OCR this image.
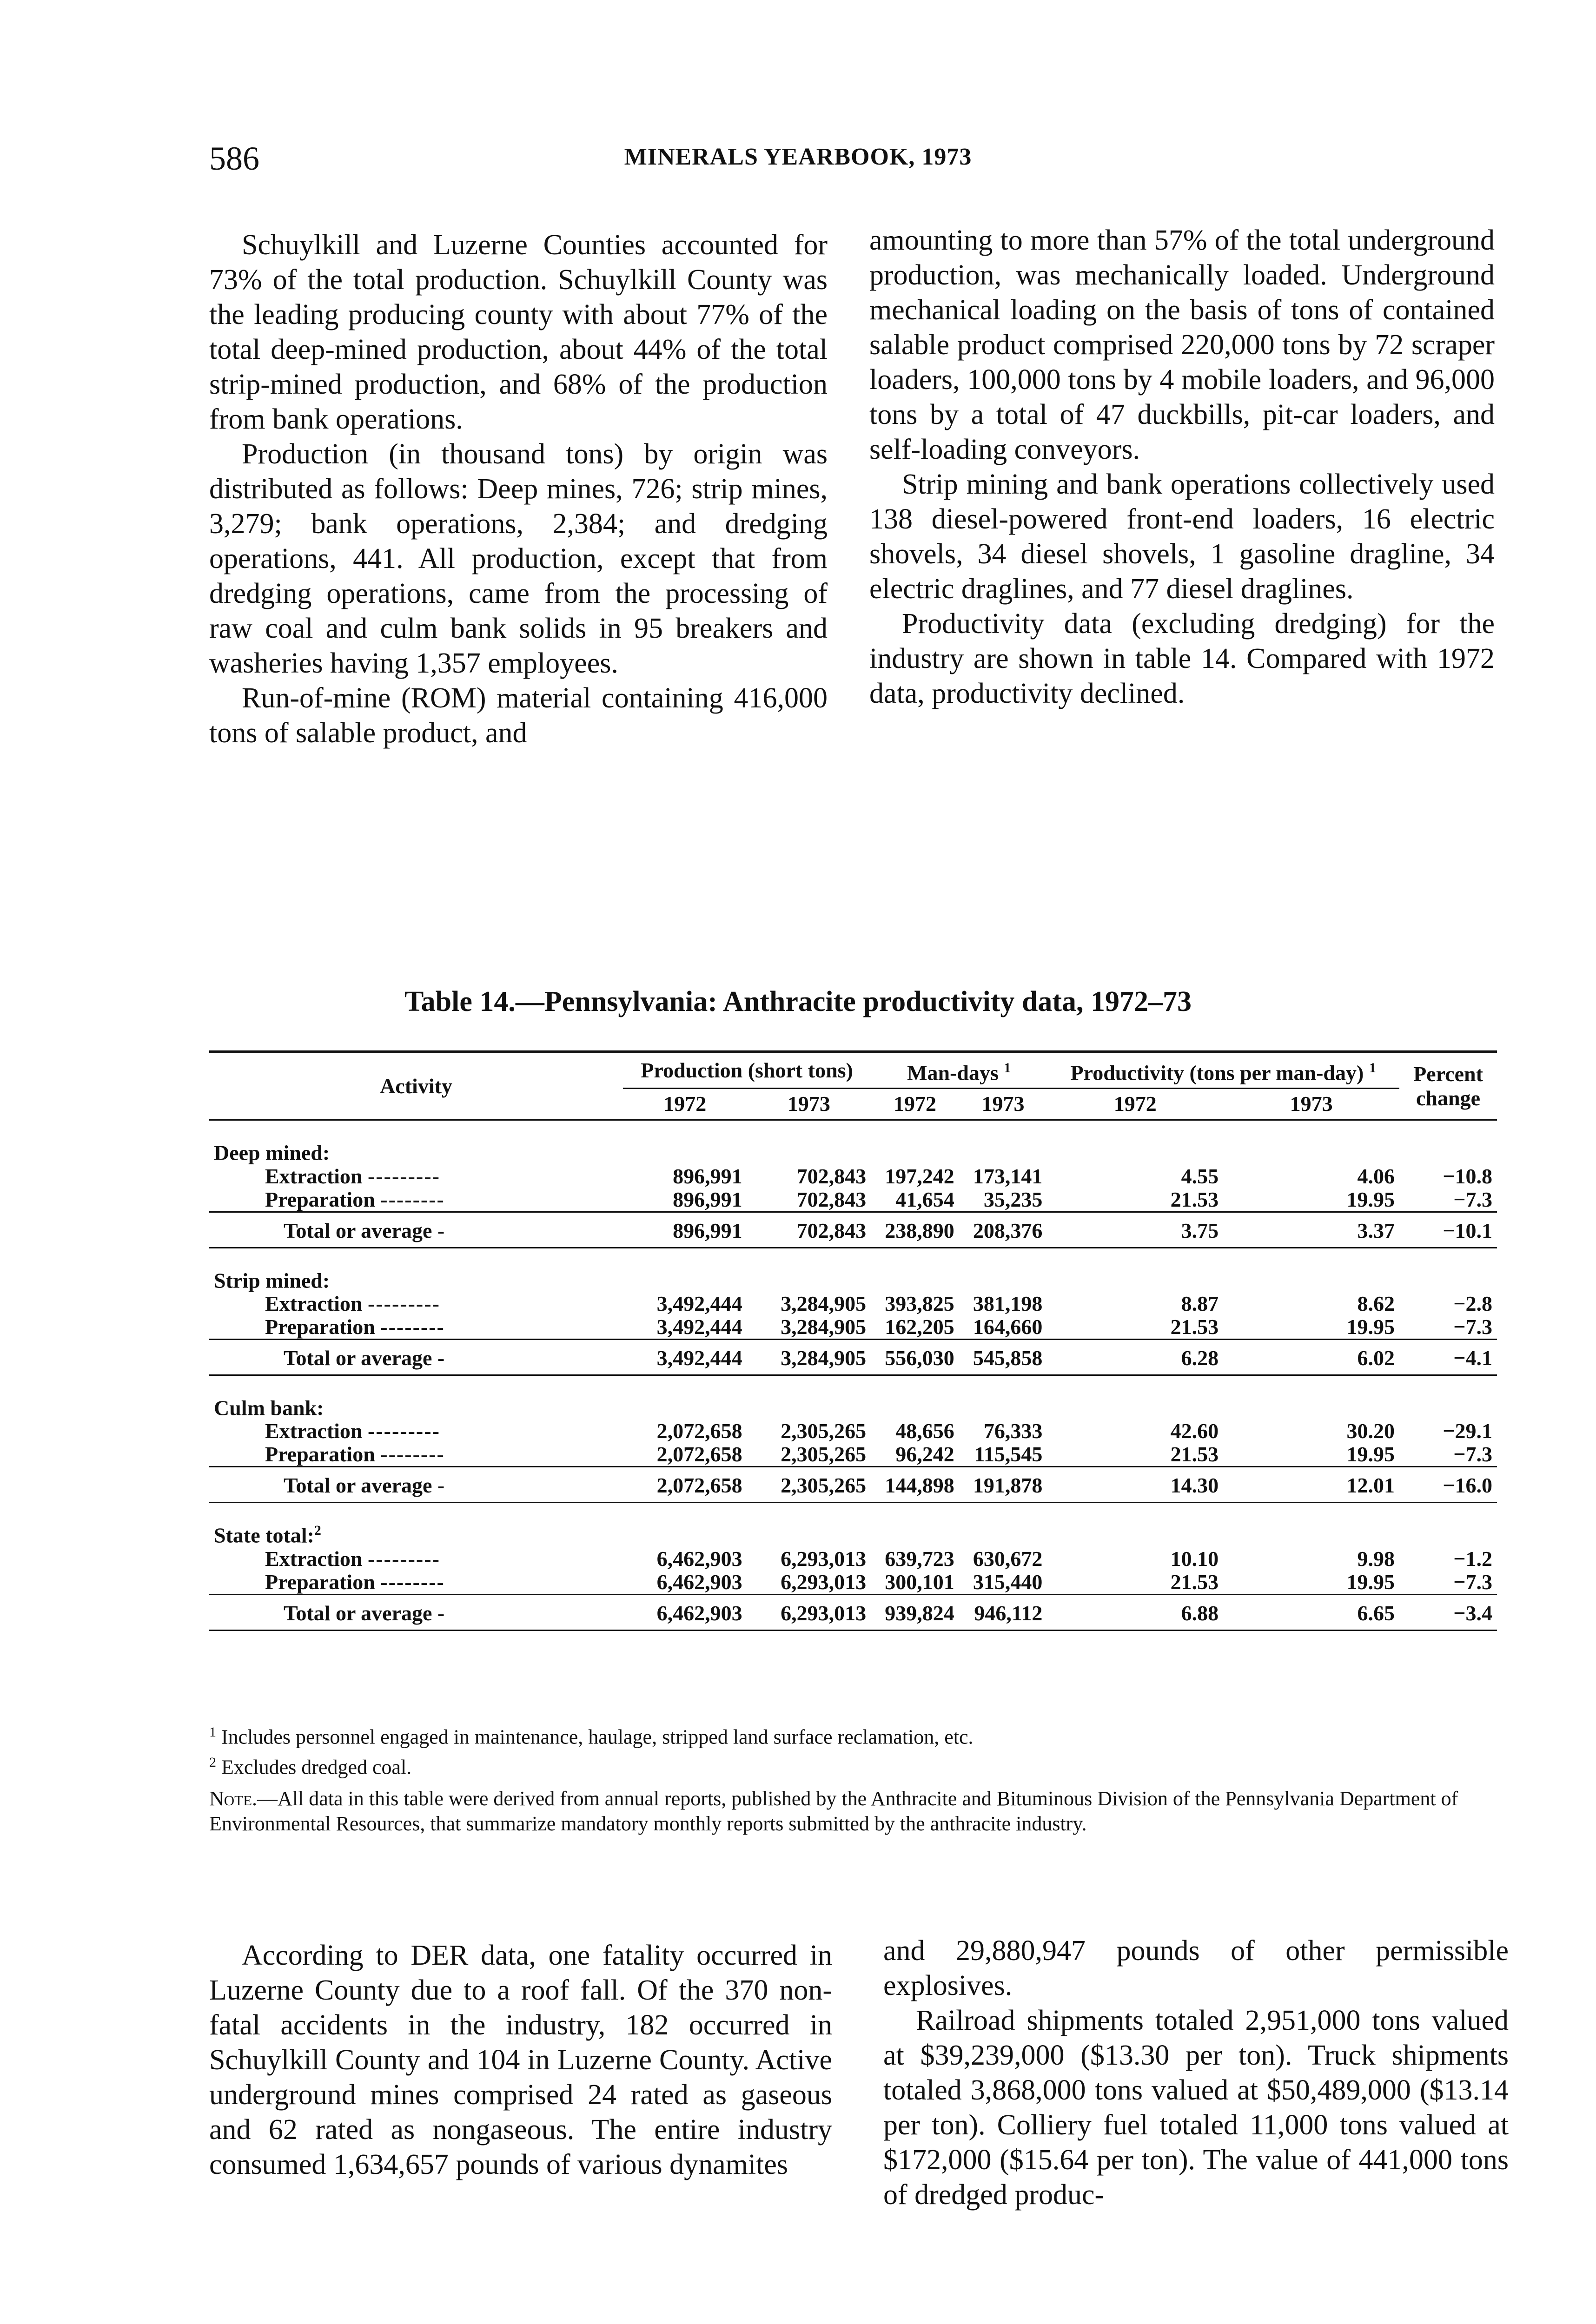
586	MINERALS YEARBOOK, 1973

Schuylkill and Luzerne Counties accounted for 73% of the total production. Schuylkill County was the leading producing county with about 77% of the total deep-mined production, about 44% of the total strip-mined production, and 68% of the production from bank operations.

Production (in thousand tons) by origin was distributed as follows: Deep mines, 726; strip mines, 3,279; bank operations, 2,384; and dredging operations, 441. All production, except that from dredging operations, came from the processing of raw coal and culm bank solids in 95 breakers and washeries having 1,357 employees.

Run-of-mine (ROM) material containing 416,000 tons of salable product, and

amounting to more than 57% of the total underground production, was mechanically loaded. Underground mechanical loading on the basis of tons of contained salable product comprised 220,000 tons by 72 scraper loaders, 100,000 tons by 4 mobile loaders, and 96,000 tons by a total of 47 duckbills, pit-car loaders, and self-loading conveyors.

Strip mining and bank operations collectively used 138 diesel-powered front-end loaders, 16 electric shovels, 34 diesel shovels, 1 gasoline dragline, 34 electric draglines, and 77 diesel draglines.

Productivity data (excluding dredging) for the industry are shown in table 14. Compared with 1972 data, productivity declined.

Table 14.—Pennsylvania: Anthracite productivity data, 1972–73
Activity	Production (short tons)		Man-days $^1$		Productivity (tons per man-day) $^1$		Percent change
	1972	1973	1972	1973	1972	1973	
Deep mined:							
Extraction ---------	896,991	702,843	197,242	173,141	4.55	4.06	−10.8
Preparation --------	896,991	702,843	41,654	35,235	21.53	19.95	−7.3
Total or average -	896,991	702,843	238,890	208,376	3.75	3.37	−10.1
Strip mined:							
Extraction ---------	3,492,444	3,284,905	393,825	381,198	8.87	8.62	−2.8
Preparation --------	3,492,444	3,284,905	162,205	164,660	21.53	19.95	−7.3
Total or average -	3,492,444	3,284,905	556,030	545,858	6.28	6.02	−4.1
Culm bank:							
Extraction ---------	2,072,658	2,305,265	48,656	76,333	42.60	30.20	−29.1
Preparation --------	2,072,658	2,305,265	96,242	115,545	21.53	19.95	−7.3
Total or average -	2,072,658	2,305,265	144,898	191,878	14.30	12.01	−16.0
State total:$^2$
Extraction ---------	6,462,903	6,293,013	639,723	630,672	10.10	9.98	−1.2
Preparation --------	6,462,903	6,293,013	300,101	315,440	21.53	19.95	−7.3
Total or average -	6,462,903	6,293,013	939,824	946,112	6.88	6.65	−3.4

$^1$ Includes personnel engaged in maintenance, haulage, stripped land surface reclamation, etc.

$^2$ Excludes dredged coal.

Note.—All data in this table were derived from annual reports, published by the Anthracite and Bituminous Division of the Pennsylvania Department of Environmental Resources, that summarize mandatory monthly reports submitted by the anthracite industry.

According to DER data, one fatality occurred in Luzerne County due to a roof fall. Of the 370 non-fatal accidents in the industry, 182 occurred in Schuylkill County and 104 in Luzerne County. Active underground mines comprised 24 rated as gaseous and 62 rated as nongaseous. The entire industry consumed 1,634,657 pounds of various dynamites

and 29,880,947 pounds of other permissible explosives.

Railroad shipments totaled 2,951,000 tons valued at $39,239,000 ($13.30 per ton). Truck shipments totaled 3,868,000 tons valued at $50,489,000 ($13.14 per ton). Colliery fuel totaled 11,000 tons valued at $172,000 ($15.64 per ton). The value of 441,000 tons of dredged produc-
